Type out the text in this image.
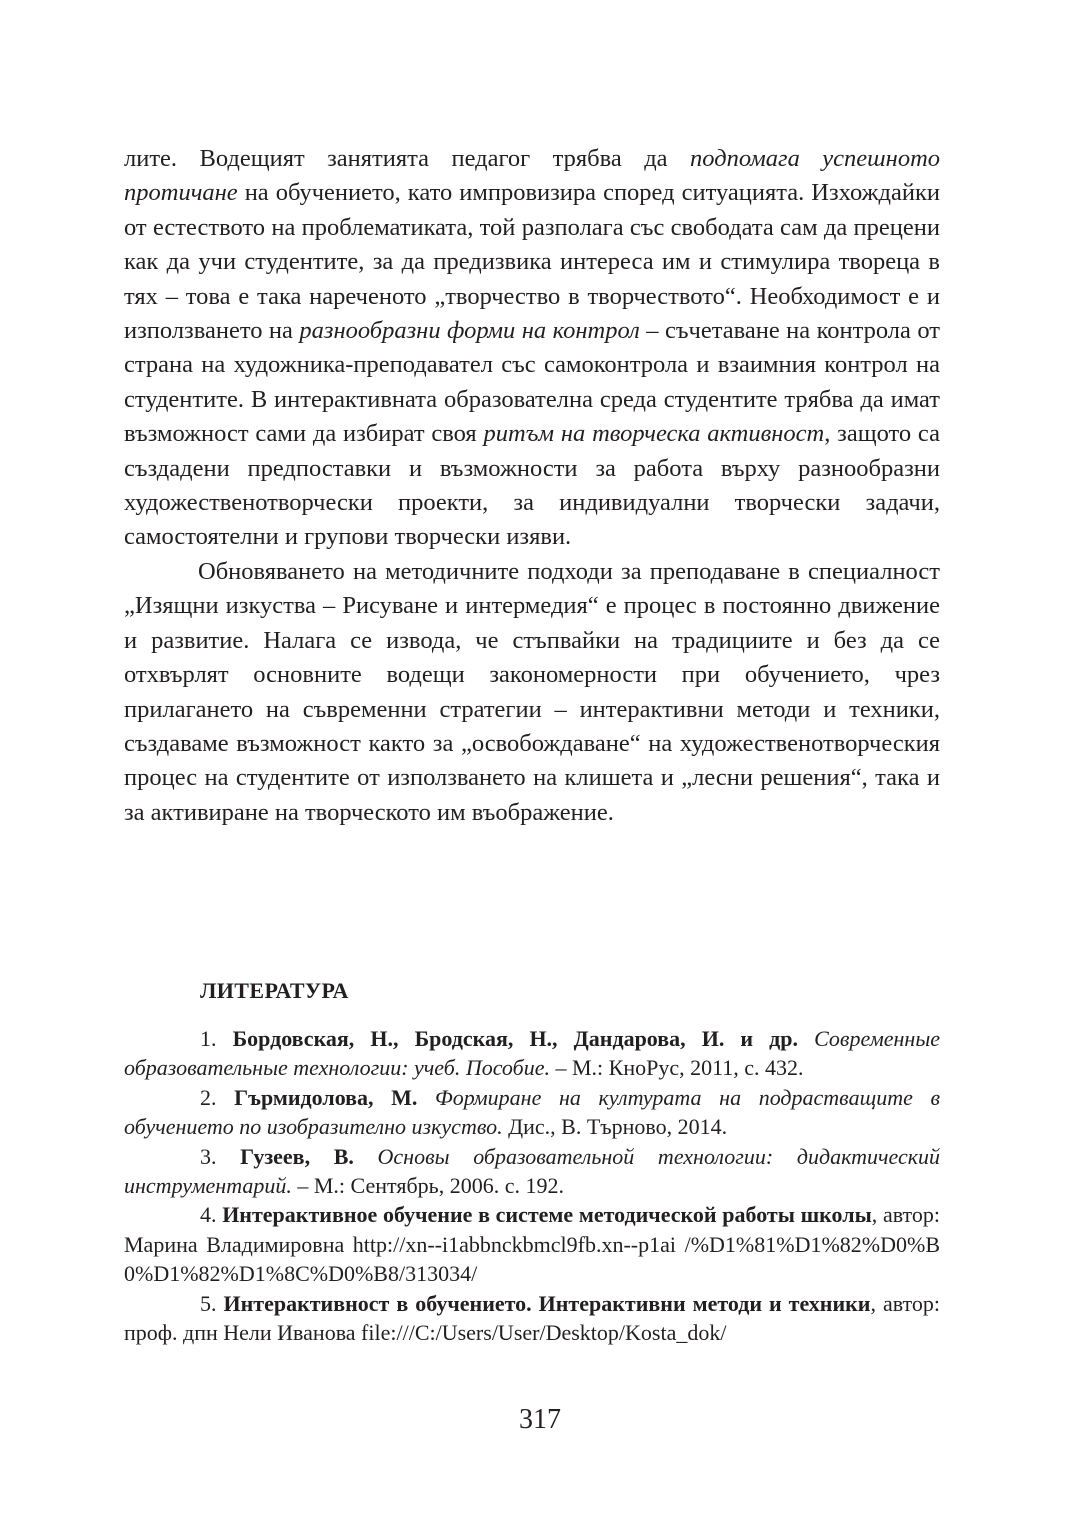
лите. Водещият занятията педагог трябва да подпомага успешното протичане на обучението, като импровизира според ситуацията. Изхождайки от естеството на проблематиката, той разполага със свободата сам да прецени как да учи студентите, за да предизвика интереса им и стимулира твореца в тях – това е така нареченото „творчество в творчеството“. Необходимост е и използването на разнообразни форми на контрол – съчетаване на контрола от страна на художника-преподавател със самоконтрола и взаимния контрол на студентите. В интерактивната образователна среда студентите трябва да имат възможност сами да избират своя ритъм на творческа активност, защото са създадени предпоставки и възможности за работа върху разнообразни художественотворчески проекти, за индивидуални творчески задачи, самостоятелни и групови творчески изяви.

Обновяването на методичните подходи за преподаване в специалност „Изящни изкуства – Рисуване и интермедия“ е процес в постоянно движение и развитие. Налага се извода, че стъпвайки на традициите и без да се отхвърлят основните водещи закономерности при обучението, чрез прилагането на съвременни стратегии – интерактивни методи и техники, създаваме възможност както за „освобождаване“ на художественотворческия процес на студентите от използването на клишета и „лесни решения“, така и за активиране на творческото им въображение.

ЛИТЕРАТУРА

1. Бордовская, Н., Бродская, Н., Дандарова, И. и др. Современные образовательные технологии: учеб. Пособие. – М.: КноРус, 2011, с. 432.

2. Гърмидолова, М. Формиране на културата на подрастващите в обучението по изобразително изкуство. Дис., В. Търново, 2014.

3. Гузеев, В. Основы образовательной технологии: дидактический инструментарий. – М.: Сентябрь, 2006. с. 192.

4. Интерактивное обучение в системе методической работы школы, автор: Марина Владимировна http://xn--i1abbnckbmcl9fb.xn--p1ai /%D1%81%D1%82%D0%B0%D1%82%D1%8C%D0%B8/313034/

5. Интерактивност в обучението. Интерактивни методи и техники, автор: проф. дпн Нели Иванова file:///C:/Users/User/Desktop/Kosta_dok/

317
